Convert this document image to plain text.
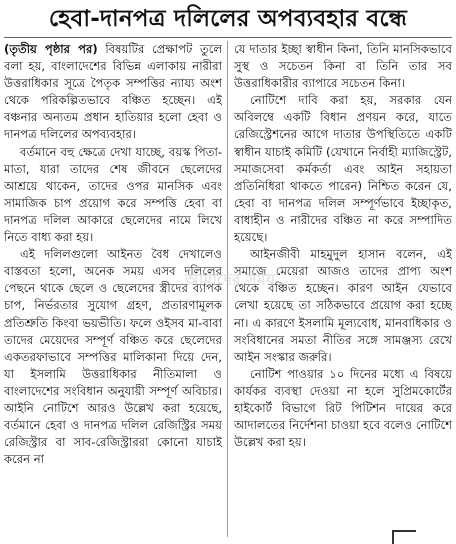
হেবা-দানপত্র দলিলের অপব্যবহার বন্ধে

(তৃতীয় পৃষ্ঠার পর) বিষয়টির প্রেক্ষাপট তুলে বলা হয়, বাংলাদেশের বিভিন্ন এলাকায় নারীরা উত্তরাধিকার সূত্রে পৈতৃক সম্পত্তির ন্যায্য অংশ থেকে পরিকল্পিতভাবে বঞ্চিত হচ্ছেন। এই বঞ্চনার অন্যতম প্রধান হাতিয়ার হলো হেবা ও দানপত্র দলিলের অপব্যবহার।

বর্তমানে বহু ক্ষেত্রে দেখা যাচ্ছে, বয়স্ক পিতা-মাতা, যারা তাদের শেষ জীবনে ছেলেদের আশ্রয়ে থাকেন, তাদের ওপর মানসিক এবং সামাজিক চাপ প্রয়োগ করে সম্পত্তি হেবা বা দানপত্র দলিল আকারে ছেলেদের নামে লিখে নিতে বাধ্য করা হয়।

এই দলিলগুলো আইনত বৈধ দেখালেও বাস্তবতা হলো, অনেক সময় এসব দলিলের পেছনে থাকে ছেলে ও ছেলেদের স্ত্রীদের ব্যাপক চাপ, নির্ভরতার সুযোগ গ্রহণ, প্রতারণামূলক প্রতিশ্রুতি কিংবা ভয়ভীতি। ফলে ওইসব মা-বাবা তাদের মেয়েদের সম্পূর্ণ বঞ্চিত করে ছেলেদের একতরফাভাবে সম্পত্তির মালিকানা দিয়ে দেন, যা ইসলামি উত্তরাধিকার নীতিমালা ও বাংলাদেশের সংবিধান অনুযায়ী সম্পূর্ণ অবিচার। আইনি নোটিশে আরও উল্লেখ করা হয়েছে, বর্তমানে হেবা ও দানপত্র দলিল রেজিস্ট্রির সময় রেজিস্ট্রার বা সাব-রেজিস্ট্রাররা কোনো যাচাই করেন না

যে দাতার ইচ্ছা স্বাধীন কিনা, তিনি মানসিকভাবে সুস্থ ও সচেতন কিনা বা তিনি তার সব উত্তরাধিকারীর ব্যাপারে সচেতন কিনা।

নোটিশে দাবি করা হয়, সরকার যেন অবিলম্বে একটি বিধান প্রণয়ন করে, যাতে রেজিস্ট্রেশনের আগে দাতার উপস্থিতিতে একটি স্বাধীন যাচাই কমিটি (যেখানে নির্বাহী ম্যাজিস্ট্রেট, সমাজসেবা কর্মকর্তা এবং আইন সহায়তা প্রতিনিধিরা থাকতে পারেন) নিশ্চিত করেন যে, হেবা বা দানপত্র দলিল সম্পূর্ণভাবে ইচ্ছাকৃত, বাধাহীন ও নারীদের বঞ্চিত না করে সম্পাদিত হয়েছে।

আইনজীবী মাহমুদুল হাসান বলেন, এই সমাজে মেয়েরা আজও তাদের প্রাপ্য অংশ থেকে বঞ্চিত হচ্ছেন। কারণ আইন যেভাবে লেখা হয়েছে তা সঠিকভাবে প্রয়োগ করা হচ্ছে না। এ কারণে ইসলামি মূল্যবোধ, মানবাধিকার ও সংবিধানের সমতা নীতির সঙ্গে সামঞ্জস্য রেখে আইন সংস্কার জরুরি।

নোটিশ পাওয়ার ১০ দিনের মধ্যে এ বিষয়ে কার্যকর ব্যবস্থা দেওয়া না হলে সুপ্রিমকোর্টের হাইকোর্ট বিভাগে রিট পিটিশন দায়ের করে আদালতের নির্দেশনা চাওয়া হবে বলেও নোটিশে উল্লেখ করা হয়।

আমাদের সময়
